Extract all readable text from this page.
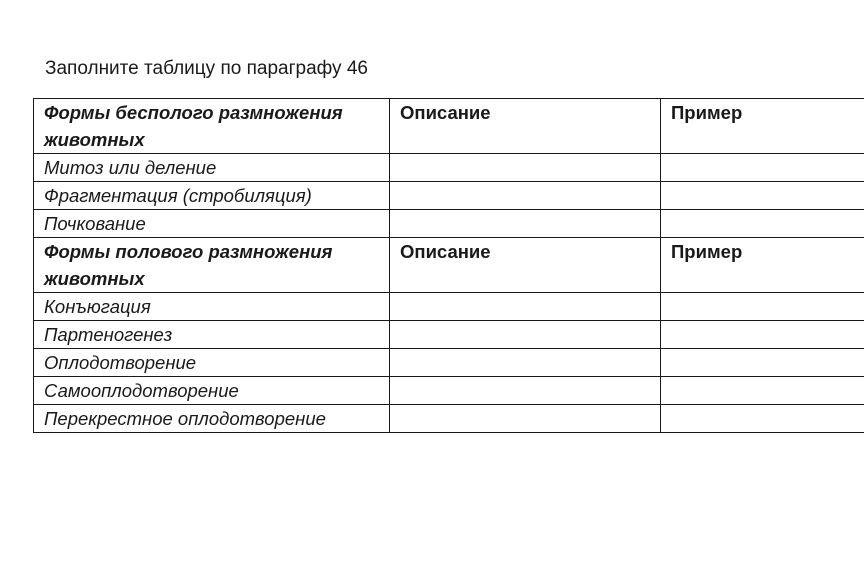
Заполните таблицу по параграфу 46
Формы бесполого размножения животных	Описание	Пример
Митоз или деление		
Фрагментация (стробиляция)		
Почкование		
Формы полового размножения животных	Описание	Пример
Конъюгация		
Партеногенез		
Оплодотворение		
Самооплодотворение		
Перекрестное оплодотворение		
